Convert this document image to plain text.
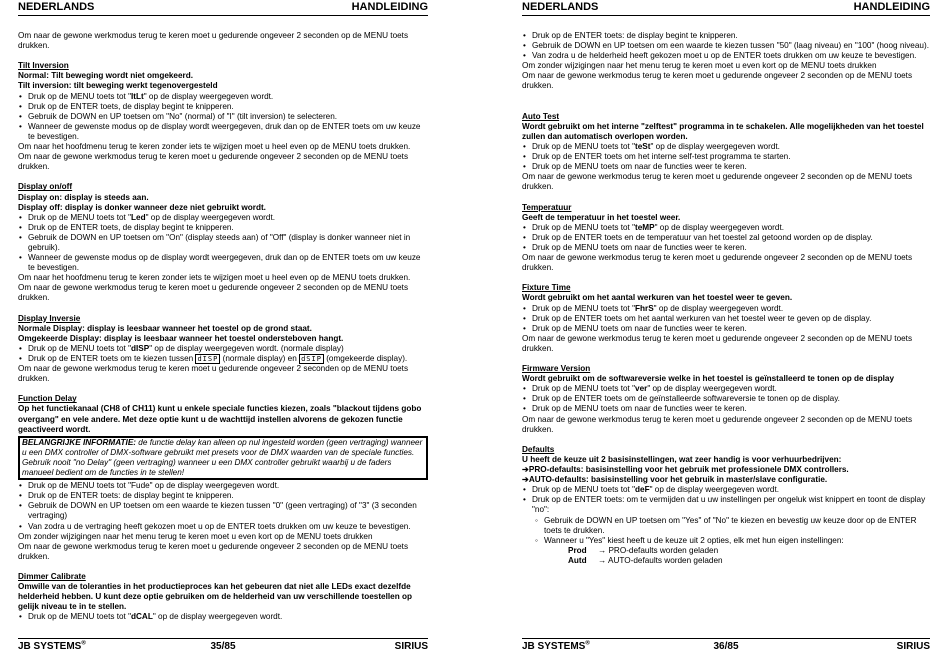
NEDERLANDS	HANDLEIDING

Om naar de gewone werkmodus terug te keren moet u gedurende ongeveer 2 seconden op de MENU toets drukken.

Tilt Inversion

Normal: Tilt beweging wordt niet omgekeerd.

Tilt inversion: tilt beweging werkt tegenovergesteld

• Druk op de MENU toets tot "ItLt" op de display weergegeven wordt.
• Druk op de ENTER toets, de display begint te knipperen.
• Gebruik de DOWN en UP toetsen om "No" (normal) of "I" (tilt inversion) te selecteren.
• Wanneer de gewenste modus op de display wordt weergegeven, druk dan op de ENTER toets om uw keuze te bevestigen.

Om naar het hoofdmenu terug te keren zonder iets te wijzigen moet u heel even op de MENU toets drukken.

Om naar de gewone werkmodus terug te keren moet u gedurende ongeveer 2 seconden op de MENU toets drukken.

Display on/off

Display on: display is steeds aan.

Display off: display is donker wanneer deze niet gebruikt wordt.

• Druk op de MENU toets tot "Led" op de display weergegeven wordt.
• Druk op de ENTER toets, de display begint te knipperen.
• Gebruik de DOWN en UP toetsen om "On" (display steeds aan) of "Off" (display is donker wanneer niet in gebruik).
• Wanneer de gewenste modus op de display wordt weergegeven, druk dan op de ENTER toets om uw keuze te bevestigen.

Om naar het hoofdmenu terug te keren zonder iets te wijzigen moet u heel even op de MENU toets drukken.

Om naar de gewone werkmodus terug te keren moet u gedurende ongeveer 2 seconden op de MENU toets drukken.

Display Inversie

Normale Display: display is leesbaar wanneer het toestel op de grond staat.

Omgekeerde Display: display is leesbaar wanneer het toestel ondersteboven hangt.

• Druk op de MENU toets tot "dISP" op de display weergegeven wordt. (normale display)
• Druk op de ENTER toets om te kiezen tussen dISP (normale display) en dSIP (omgekeerde display).

Om naar de gewone werkmodus terug te keren moet u gedurende ongeveer 2 seconden op de MENU toets drukken.

Function Delay

Op het functiekanaal (CH8 of CH11) kunt u enkele speciale functies kiezen, zoals "blackout tijdens gobo overgang" en vele andere. Met deze optie kunt u de wachttijd instellen alvorens de gekozen functie geactiveerd wordt.

BELANGRIJKE INFORMATIE: de functie delay kan alleen op nul ingesteld worden (geen vertraging) wanneer u een DMX controller of DMX-software gebruikt met presets voor de DMX waarden van de speciale functies.

Gebruik nooit "no Delay" (geen vertraging) wanneer u een DMX controller gebruikt waarbij u de faders manueel bedient om de functies in te stellen!

• Druk op de MENU toets tot "Fude" op de display weergegeven wordt.
• Druk op de ENTER toets: de display begint te knipperen.
• Gebruik de DOWN en UP toetsen om een waarde te kiezen tussen "0" (geen vertraging) of "3" (3 seconden vertraging)
• Van zodra u de vertraging heeft gekozen moet u op de ENTER toets drukken om uw keuze te bevestigen.

Om zonder wijzigingen naar het menu terug te keren moet u even kort op de MENU toets drukken

Om naar de gewone werkmodus terug te keren moet u gedurende ongeveer 2 seconden op de MENU toets drukken.

Dimmer Calibrate

Omwille van de toleranties in het productieproces kan het gebeuren dat niet alle LEDs exact dezelfde helderheid hebben. U kunt deze optie gebruiken om de helderheid van uw verschillende toestellen op gelijk niveau te in te stellen.

• Druk op de MENU toets tot "dCAL" op de display weergegeven wordt.
JB SYSTEMS®	35/85	SIRIUS
NEDERLANDS	HANDLEIDING
• Druk op de ENTER toets: de display begint te knipperen.
• Gebruik de DOWN en UP toetsen om een waarde te kiezen tussen "50" (laag niveau) en "100" (hoog niveau).
• Van zodra u de helderheid heeft gekozen moet u op de ENTER toets drukken om uw keuze te bevestigen.

Om zonder wijzigingen naar het menu terug te keren moet u even kort op de MENU toets drukken

Om naar de gewone werkmodus terug te keren moet u gedurende ongeveer 2 seconden op de MENU toets drukken.

Auto Test

Wordt gebruikt om het interne "zelftest" programma in te schakelen. Alle mogelijkheden van het toestel zullen dan automatisch overlopen worden.

• Druk op de MENU toets tot "teSt" op de display weergegeven wordt.
• Druk op de ENTER toets om het interne self-test programma te starten.
• Druk op de MENU toets om naar de functies weer te keren.

Om naar de gewone werkmodus terug te keren moet u gedurende ongeveer 2 seconden op de MENU toets drukken.

Temperatuur

Geeft de temperatuur in het toestel weer.

• Druk op de MENU toets tot "teMP" op de display weergegeven wordt.
• Druk op de ENTER toets en de temperatuur van het toestel zal getoond worden op de display.
• Druk op de MENU toets om naar de functies weer te keren.

Om naar de gewone werkmodus terug te keren moet u gedurende ongeveer 2 seconden op de MENU toets drukken.

Fixture Time

Wordt gebruikt om het aantal werkuren van het toestel weer te geven.

• Druk op de MENU toets tot "FhrS" op de display weergegeven wordt.
• Druk op de ENTER toets om het aantal werkuren van het toestel weer te geven op de display.
• Druk op de MENU toets om naar de functies weer te keren.

Om naar de gewone werkmodus terug te keren moet u gedurende ongeveer 2 seconden op de MENU toets drukken.

Firmware Version

Wordt gebruikt om de softwareversie welke in het toestel is geïnstalleerd te tonen op de display

• Druk op de MENU toets tot "ver" op de display weergegeven wordt.
• Druk op de ENTER toets om de geïnstalleerde softwareversie te tonen op de display.
• Druk op de MENU toets om naar de functies weer te keren.

Om naar de gewone werkmodus terug te keren moet u gedurende ongeveer 2 seconden op de MENU toets drukken.

Defaults

U heeft de keuze uit 2 basisinstellingen, wat zeer handig is voor verhuurbedrijven:

➔PRO-defaults: basisinstelling voor het gebruik met professionele DMX controllers.

➔AUTO-defaults: basisinstelling voor het gebruik in master/slave configuratie.

• Druk op de MENU toets tot "deF" op de display weergegeven wordt.
• Druk op de ENTER toets: om te vermijden dat u uw instellingen per ongeluk wist knippert en toont de display "no":
◦ Gebruik de DOWN en UP toetsen om "Yes" of "No" te kiezen en bevestig uw keuze door op de ENTER toets te drukken.
◦ Wanneer u "Yes" kiest heeft u de keuze uit 2 opties, elk met hun eigen instellingen:

Prod → PRO-defaults worden geladen

Autd → AUTO-defaults worden geladen

JB SYSTEMS®	36/85	SIRIUS
